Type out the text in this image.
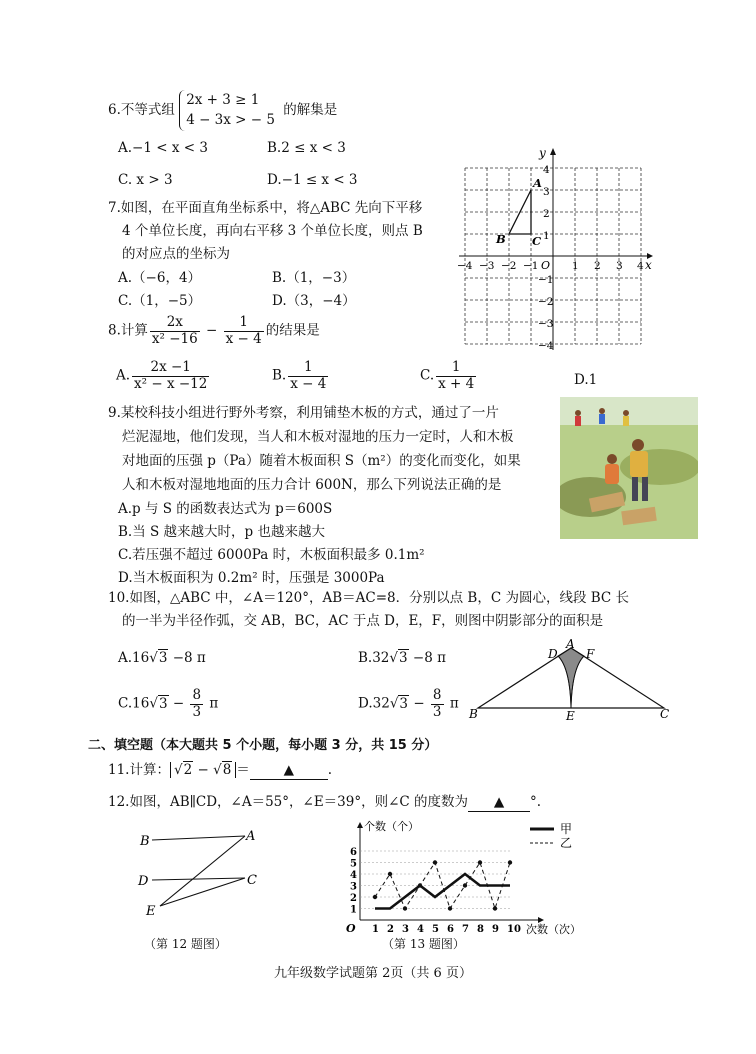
6.不等式组
2x + 3 ≥ 1
4 − 3x > − 5
的解集是
A.−1 < x < 3	B.2 ≤ x < 3
C. x > 3	D.−1 ≤ x < 3
7.如图，在平面直角坐标系中，将△ABC 先向下平移
4 个单位长度，再向右平移 3 个单位长度，则点 B
的对应点的坐标为
A.（−6，4）	B.（1，−3）
C.（1，−5）	D.（3，−4）
x
y
O
−4 −3 −2 −1	1 2 3 4
4
3
2
1
−1
−2
−3
−4
A
B C
8.计算 $\frac{2x}{\text{x² −16}} - \frac{1}{x - 4}$ 的结果是
A. $\frac{2x -1}{\text{x² − x −12}}$	B. $\frac{1}{x - 4}$	C. $\frac{1}{x + 4}$	D.1
9.某校科技小组进行野外考察，利用铺垫木板的方式，通过了一片
烂泥湿地，他们发现，当人和木板对湿地的压力一定时，人和木板
对地面的压强 p（Pa）随着木板面积 S（m²）的变化而变化，如果
人和木板对湿地地面的压力合计 600N，那么下列说法正确的是
A.p 与 S 的函数表达式为 p＝600S
B.当 S 越来越大时，p 也越来越大
C.若压强不超过 6000Pa 时，木板面积最多 0.1m²
D.当木板面积为 0.2m² 时，压强是 3000Pa
10.如图，△ABC 中，∠A＝120°，AB＝AC=8．分别以点 B，C 为圆心，线段 BC 长
的一半为半径作弧，交 AB，BC，AC 于点 D，E，F，则图中阴影部分的面积是
A.16√3 −8 π	B.32√3 −8 π
$C.16√3 - \frac{8}{3}$ π	$D.32√3 - \frac{8}{3}$ π
A
B	C
D F
E
二、填空题（本大题共 5 个小题，每小题 3 分，共 15 分）
11.计算： √2 − √8 ＝	▲	.
12.如图，AB∥CD，∠A＝55°，∠E＝39°，则∠C 的度数为 ▲ °.
B	A
D	C
E
（第 12 题图）
个数（个）
次数（次）
O
1
2
3
4
5
6
1 2 3 4 5 6 7 8 9 10
甲
乙
（第 13 题图）
九年级数学试题第 2页（共 6 页）
